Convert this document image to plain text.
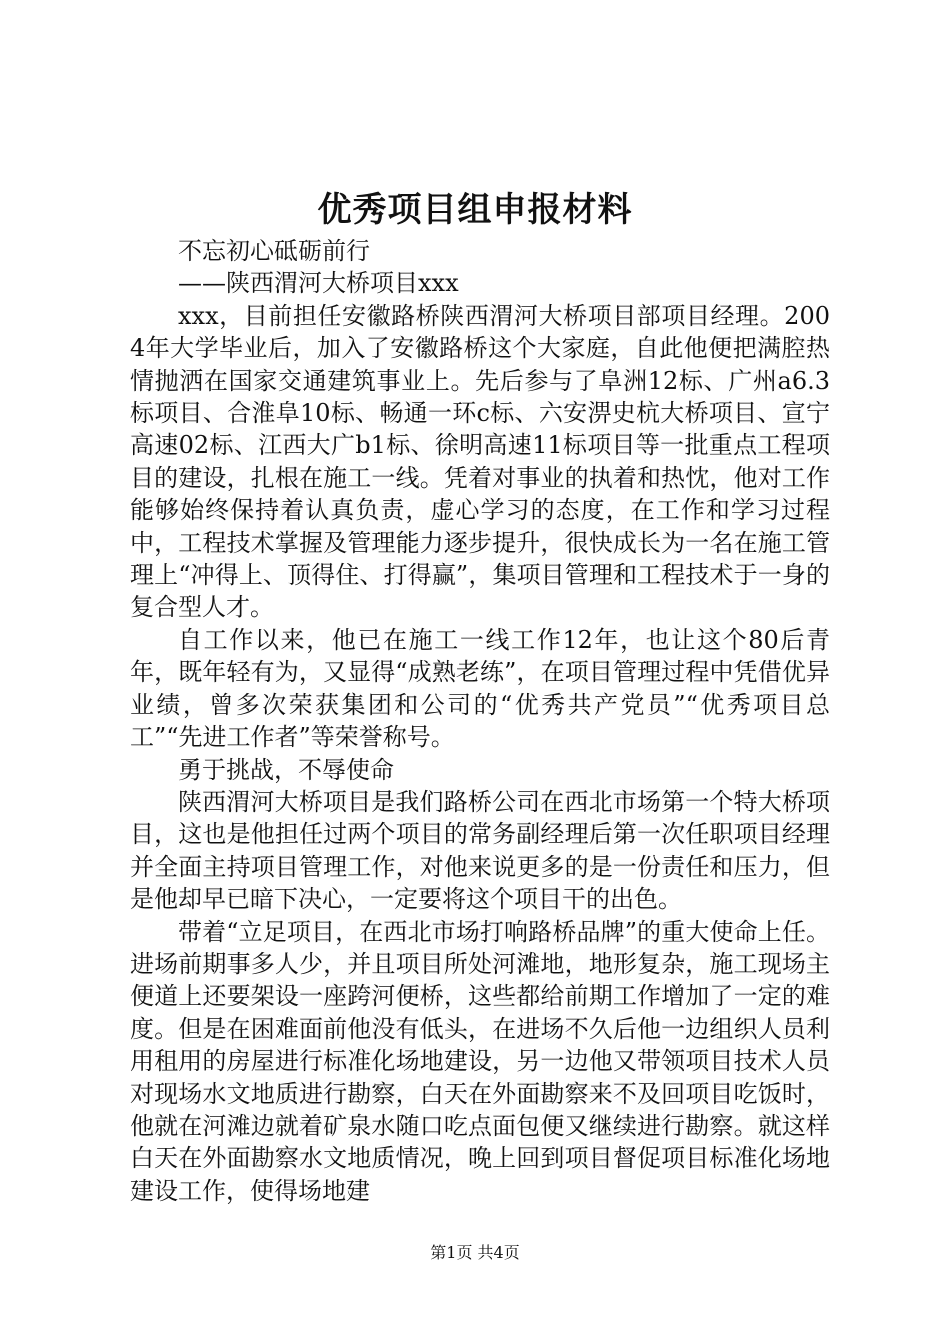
优秀项目组申报材料

不忘初心砥砺前行

——陕西渭河大桥项目xxx

xxx，目前担任安徽路桥陕西渭河大桥项目部项目经理。2004年大学毕业后，加入了安徽路桥这个大家庭，自此他便把满腔热情抛洒在国家交通建筑事业上。先后参与了阜洲12标、广州a6.3标项目、合淮阜10标、畅通一环c标、六安淠史杭大桥项目、宣宁高速02标、江西大广b1标、徐明高速11标项目等一批重点工程项目的建设，扎根在施工一线。凭着对事业的执着和热忱，他对工作能够始终保持着认真负责，虚心学习的态度，在工作和学习过程中，工程技术掌握及管理能力逐步提升，很快成长为一名在施工管理上“冲得上、顶得住、打得赢”，集项目管理和工程技术于一身的复合型人才。

自工作以来，他已在施工一线工作12年，也让这个80后青年，既年轻有为，又显得“成熟老练”，在项目管理过程中凭借优异业绩，曾多次荣获集团和公司的“优秀共产党员”“优秀项目总工”“先进工作者”等荣誉称号。

勇于挑战，不辱使命

陕西渭河大桥项目是我们路桥公司在西北市场第一个特大桥项目，这也是他担任过两个项目的常务副经理后第一次任职项目经理并全面主持项目管理工作，对他来说更多的是一份责任和压力，但是他却早已暗下决心，一定要将这个项目干的出色。

带着“立足项目，在西北市场打响路桥品牌”的重大使命上任。进场前期事多人少，并且项目所处河滩地，地形复杂，施工现场主便道上还要架设一座跨河便桥，这些都给前期工作增加了一定的难度。但是在困难面前他没有低头，在进场不久后他一边组织人员利用租用的房屋进行标准化场地建设，另一边他又带领项目技术人员对现场水文地质进行勘察，白天在外面勘察来不及回项目吃饭时，他就在河滩边就着矿泉水随口吃点面包便又继续进行勘察。就这样白天在外面勘察水文地质情况，晚上回到项目督促项目标准化场地建设工作，使得场地建

第1页 共4页
